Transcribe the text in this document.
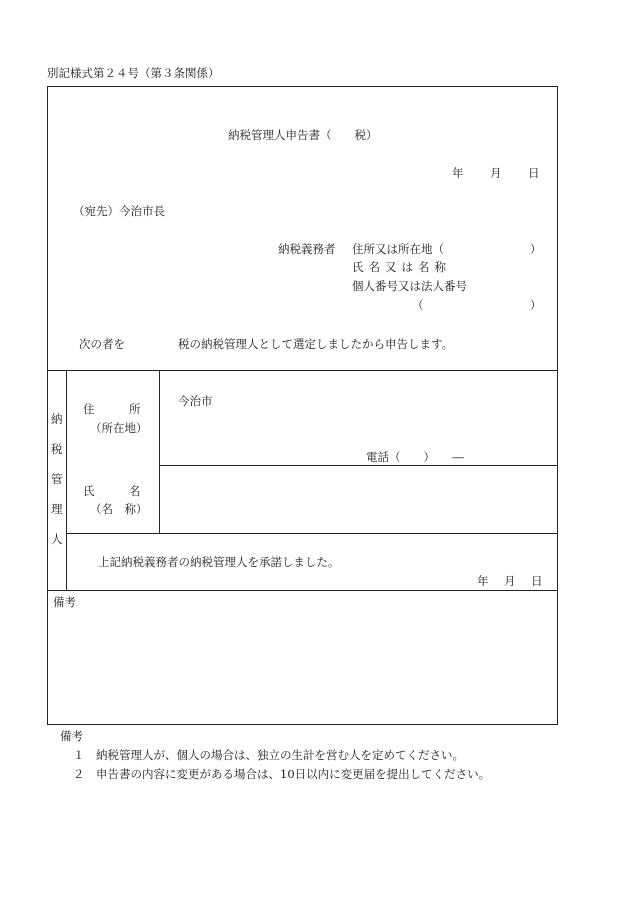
別記様式第２４号（第３条関係）
納税管理人申告書（　　税）
年 月 日
（宛先）今治市長
納税義務者 住所又は所在地（	）
氏名又は名称
個人番号又は法人番号
（	）
次の者を	税の納税管理人として選定しましたから申告します。
納
税
管
理
人
住　　　所
（所在地）
今治市
電話（　　）　　―
氏　　　名
（名　称）
上記納税義務者の納税管理人を承諾しました。
年　月　日
備考
備考
１　納税管理人が、個人の場合は、独立の生計を営む人を定めてください。
２　申告書の内容に変更がある場合は、10日以内に変更届を提出してください。
